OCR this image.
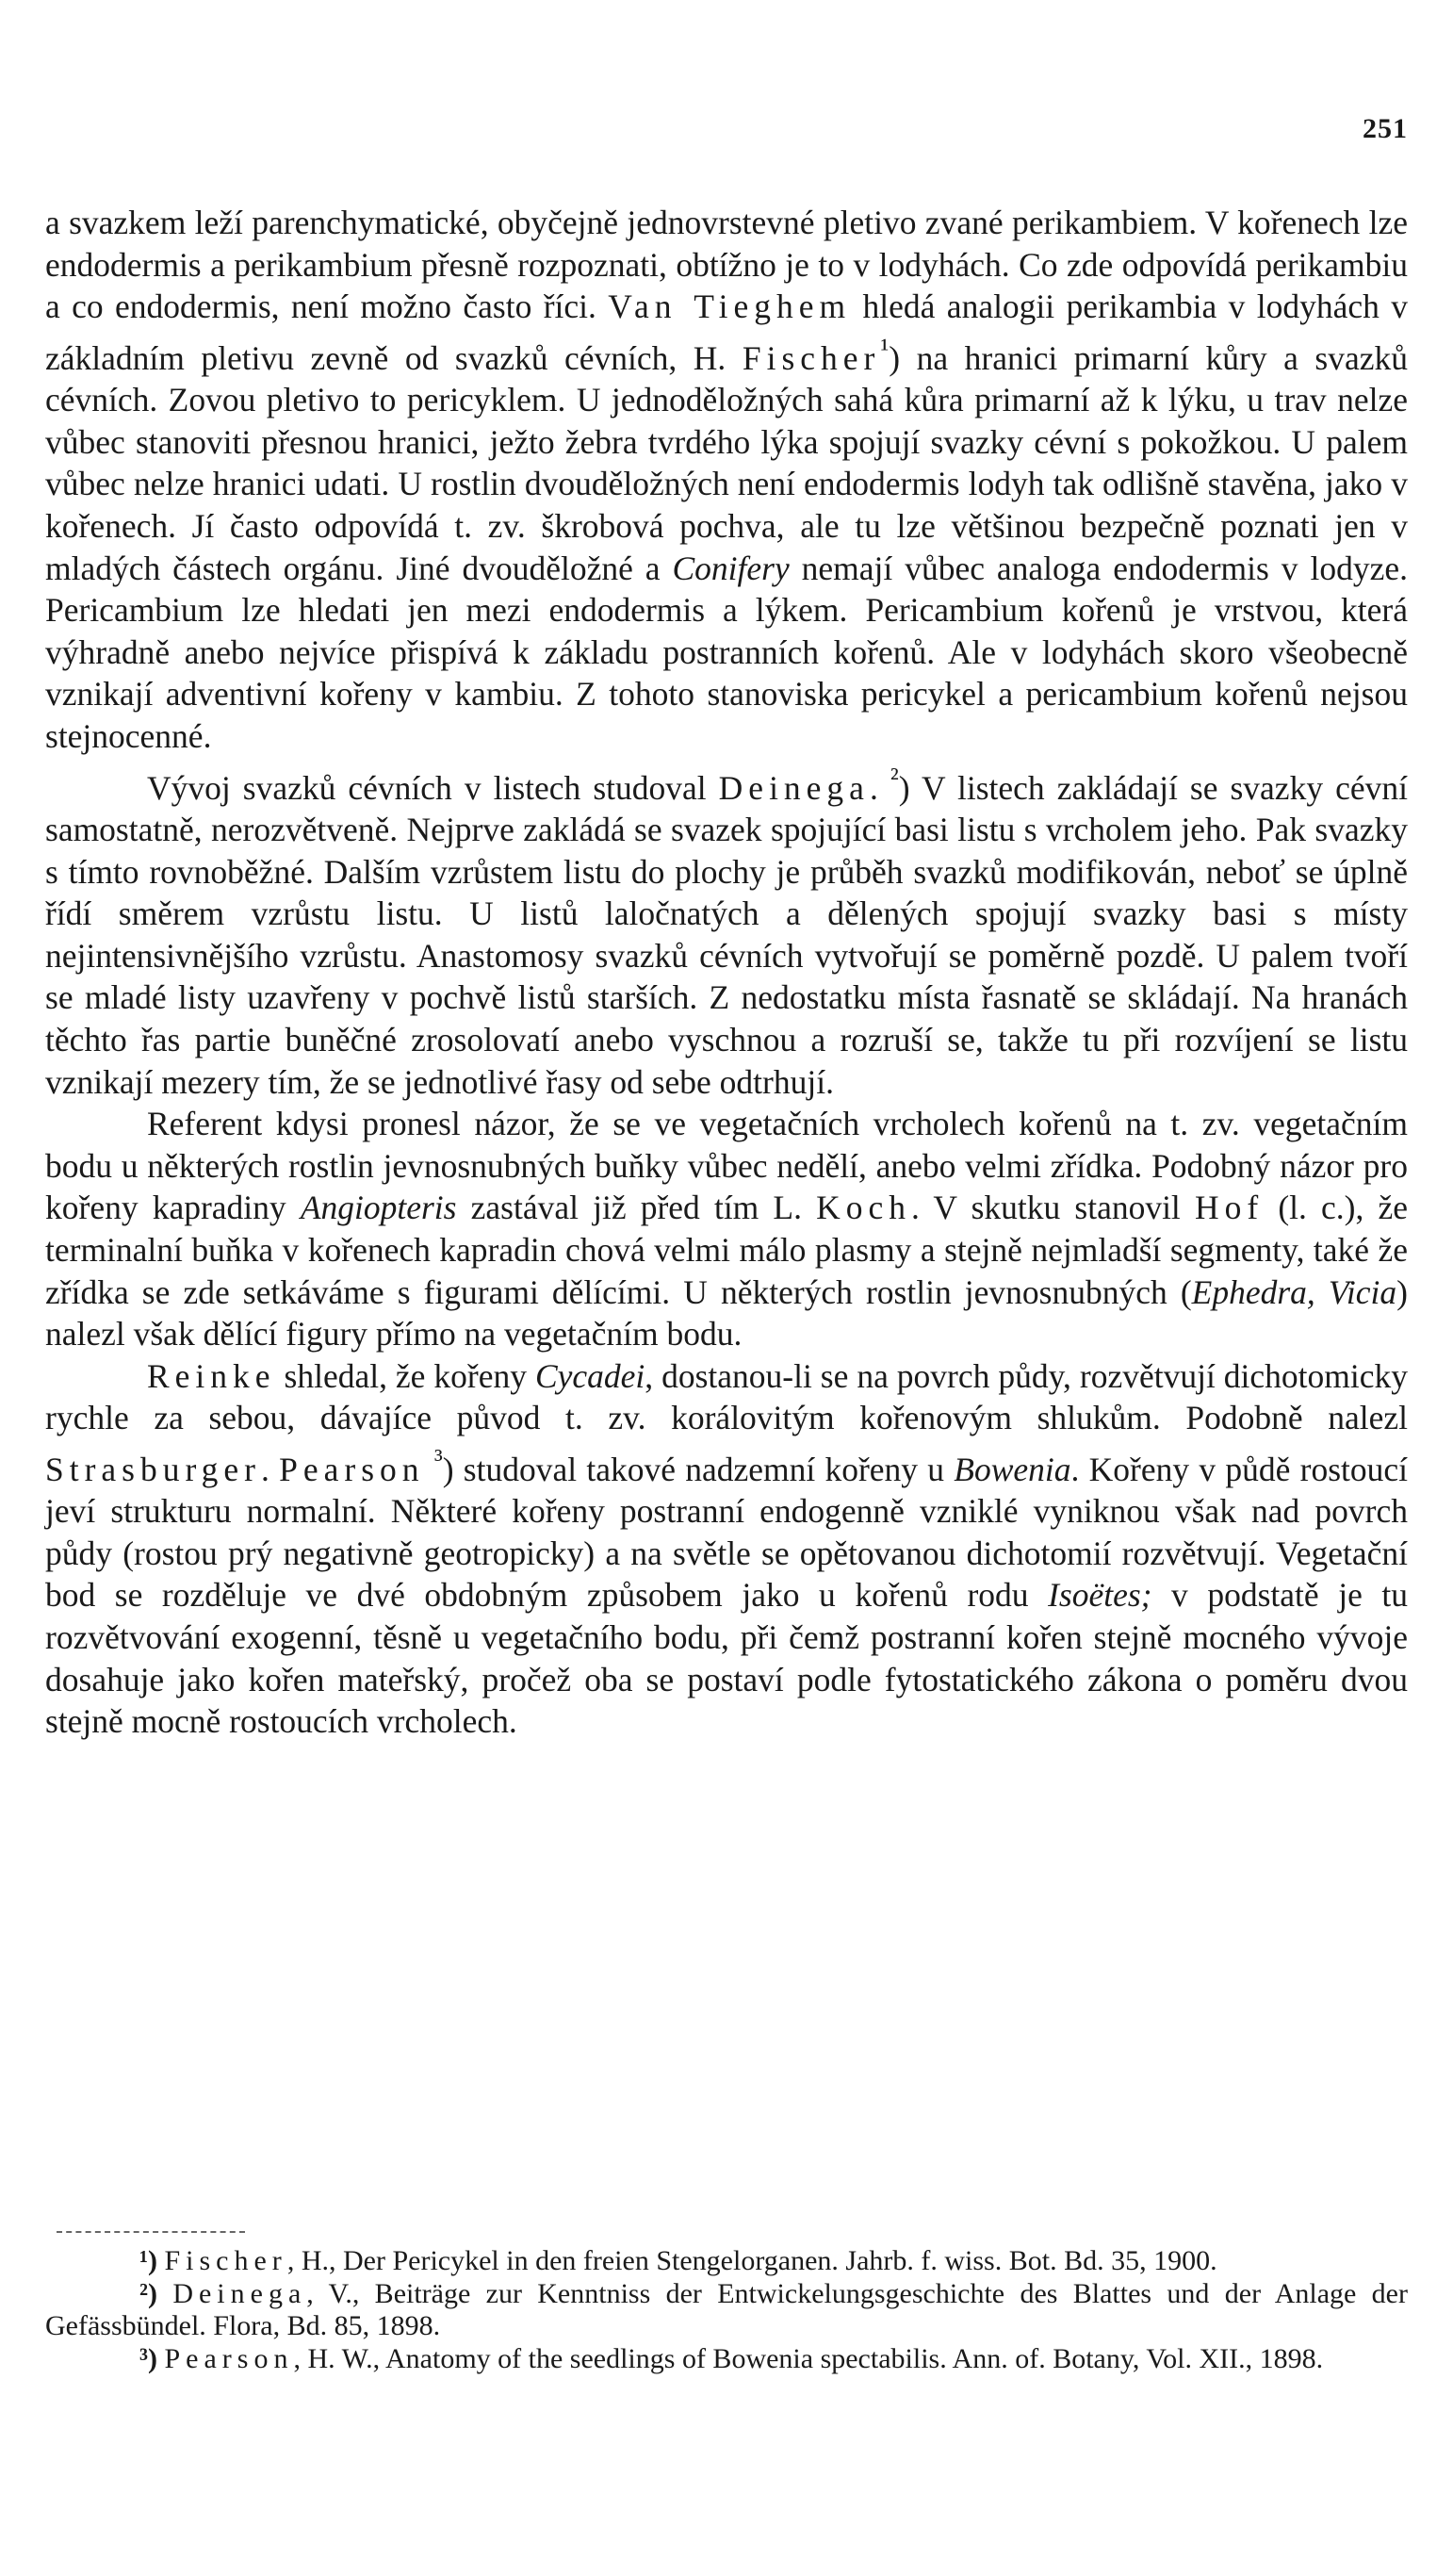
251

a svazkem leží parenchymatické, obyčejně jednovrstevné pletivo zvané perikambiem. V kořenech lze endodermis a perikambium přesně rozpoznati, obtížno je to v lodyhách. Co zde odpovídá perikambiu a co endodermis, není možno často říci. Van Tieghem hledá analogii perikambia v lodyhách v základním pletivu zevně od svazků cévních, H. Fischer$^{^1}$) na hranici primarní kůry a svazků cévních. Zovou pletivo to pericyklem. U jednoděložných sahá kůra primarní až k lýku, u trav nelze vůbec stanoviti přesnou hranici, ježto žebra tvrdého lýka spojují svazky cévní s pokožkou. U palem vůbec nelze hranici udati. U rostlin dvouděložných není endodermis lodyh tak odlišně stavěna, jako v kořenech. Jí často odpovídá t. zv. škrobová pochva, ale tu lze většinou bezpečně poznati jen v mladých částech orgánu. Jiné dvouděložné a Conifery nemají vůbec analoga endodermis v lodyze. Pericambium lze hledati jen mezi endodermis a lýkem. Pericambium kořenů je vrstvou, která výhradně anebo nejvíce přispívá k základu postranních kořenů. Ale v lodyhách skoro všeobecně vznikají adventivní kořeny v kambiu. Z tohoto stanoviska pericykel a pericambium kořenů nejsou stejnocenné.

Vývoj svazků cévních v listech studoval Deinega. $^{^2}$) V listech zakládají se svazky cévní samostatně, nerozvětveně. Nejprve zakládá se svazek spojující basi listu s vrcholem jeho. Pak svazky s tímto rovnoběžné. Dalším vzrůstem listu do plochy je průběh svazků modifikován, neboť se úplně řídí směrem vzrůstu listu. U listů laločnatých a dělených spojují svazky basi s místy nejintensivnějšího vzrůstu. Anastomosy svazků cévních vytvořují se poměrně pozdě. U palem tvoří se mladé listy uzavřeny v pochvě listů starších. Z nedostatku místa řasnatě se skládají. Na hranách těchto řas partie buněčné zrosolovatí anebo vyschnou a rozruší se, takže tu při rozvíjení se listu vznikají mezery tím, že se jednotlivé řasy od sebe odtrhují.

Referent kdysi pronesl názor, že se ve vegetačních vrcholech kořenů na t. zv. vegetačním bodu u některých rostlin jevnosnubných buňky vůbec nedělí, anebo velmi zřídka. Podobný názor pro kořeny kapradiny Angiopteris zastával již před tím L. Koch. V skutku stanovil Hof (l. c.), že terminalní buňka v kořenech kapradin chová velmi málo plasmy a stejně nejmladší segmenty, také že zřídka se zde setkáváme s figurami dělícími. U některých rostlin jevnosnubných (Ephedra, Vicia) nalezl však dělící figury přímo na vegetačním bodu.

Reinke shledal, že kořeny Cycadei, dostanou-li se na povrch půdy, rozvětvují dichotomicky rychle za sebou, dávajíce původ t. zv. korálovitým kořenovým shlukům. Podobně nalezl Strasburger. Pearson $^{^3}$) studoval takové nadzemní kořeny u Bowenia. Kořeny v půdě rostoucí jeví strukturu normalní. Některé kořeny postranní endogenně vzniklé vyniknou však nad povrch půdy (rostou prý negativně geotropicky) a na světle se opětovanou dichotomií rozvětvují. Vegetační bod se rozděluje ve dvé obdobným způsobem jako u kořenů rodu Isoëtes; v podstatě je tu rozvětvování exogenní, těsně u vegetačního bodu, při čemž postranní kořen stejně mocného vývoje dosahuje jako kořen mateřský, pročež oba se postaví podle fytostatického zákona o poměru dvou stejně mocně rostoucích vrcholech.

¹) Fischer, H., Der Pericykel in den freien Stengelorganen. Jahrb. f. wiss. Bot. Bd. 35, 1900.

²) Deinega, V., Beiträge zur Kenntniss der Entwickelungsgeschichte des Blattes und der Anlage der Gefässbündel. Flora, Bd. 85, 1898.

³) Pearson, H. W., Anatomy of the seedlings of Bowenia spectabilis. Ann. of. Botany, Vol. XII., 1898.
